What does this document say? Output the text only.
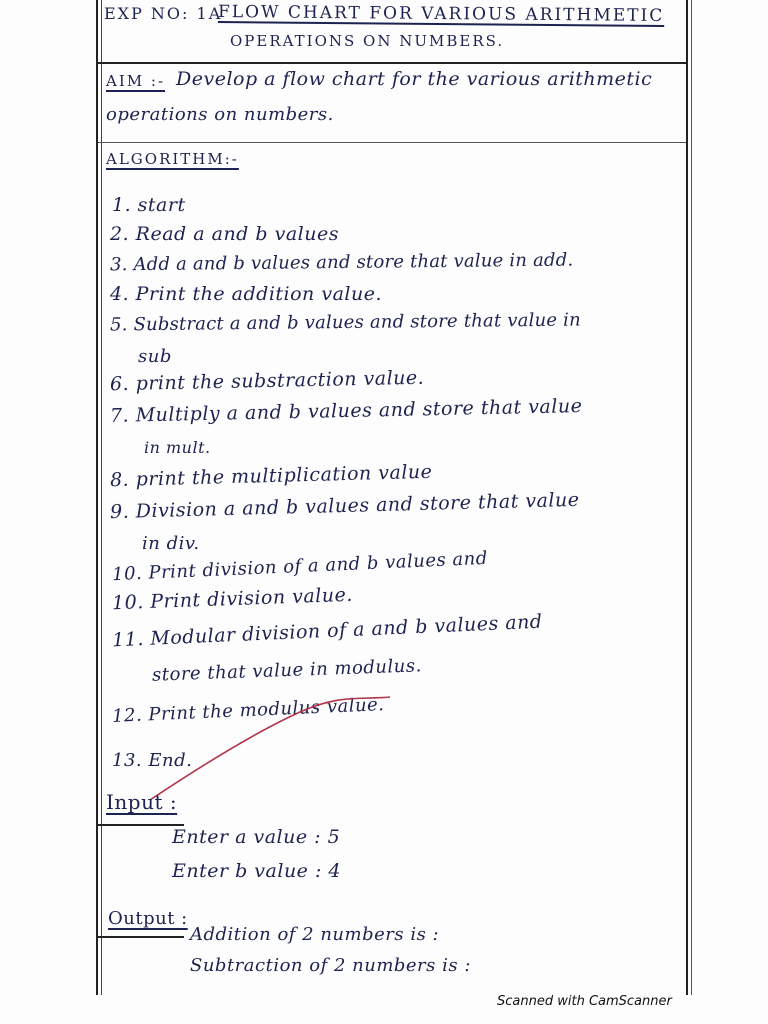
EXP NO: 1A
FLOW CHART FOR VARIOUS ARITHMETIC
OPERATIONS ON NUMBERS.
AIM :- Develop a flow chart for the various arithmetic
operations on numbers.
ALGORITHM:-
1. start
2. Read a and b values
3. Add a and b values and store that value in add.
4. Print the addition value.
5. Substract a and b values and store that value in
sub
6. print the substraction value.
7. Multiply a and b values and store that value
in mult.
8. print the multiplication value
9. Division a and b values and store that value
in div.
10. Print division of a and b values and
10. Print division value.
11. Modular division of a and b values and
store that value in modulus.
12. Print the modulus value.
13. End.
Input :
Enter a value : 5
Enter b value : 4
Output :
Addition of 2 numbers is :
Subtraction of 2 numbers is :
Scanned with CamScanner
